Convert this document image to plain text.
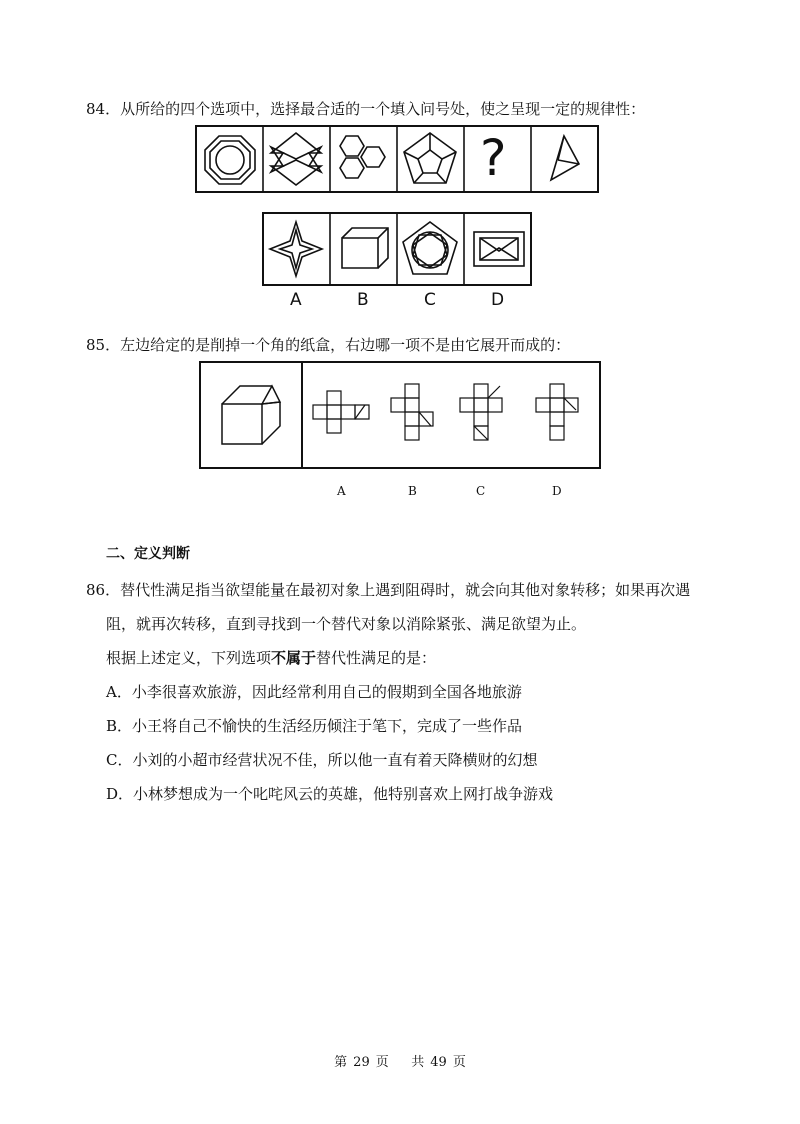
84．从所给的四个选项中，选择最合适的一个填入问号处，使之呈现一定的规律性：
?
A	B	C	D
85．左边给定的是削掉一个角的纸盒，右边哪一项不是由它展开而成的：
A	B	C	D
二、定义判断
86．替代性满足指当欲望能量在最初对象上遇到阻碍时，就会向其他对象转移；如果再次遇
阻，就再次转移，直到寻找到一个替代对象以消除紧张、满足欲望为止。
根据上述定义，下列选项不属于替代性满足的是：
A．小李很喜欢旅游，因此经常利用自己的假期到全国各地旅游
B．小王将自己不愉快的生活经历倾注于笔下，完成了一些作品
C．小刘的小超市经营状况不佳，所以他一直有着天降横财的幻想
D．小林梦想成为一个叱咤风云的英雄，他特别喜欢上网打战争游戏
第 29 页 共 49 页
